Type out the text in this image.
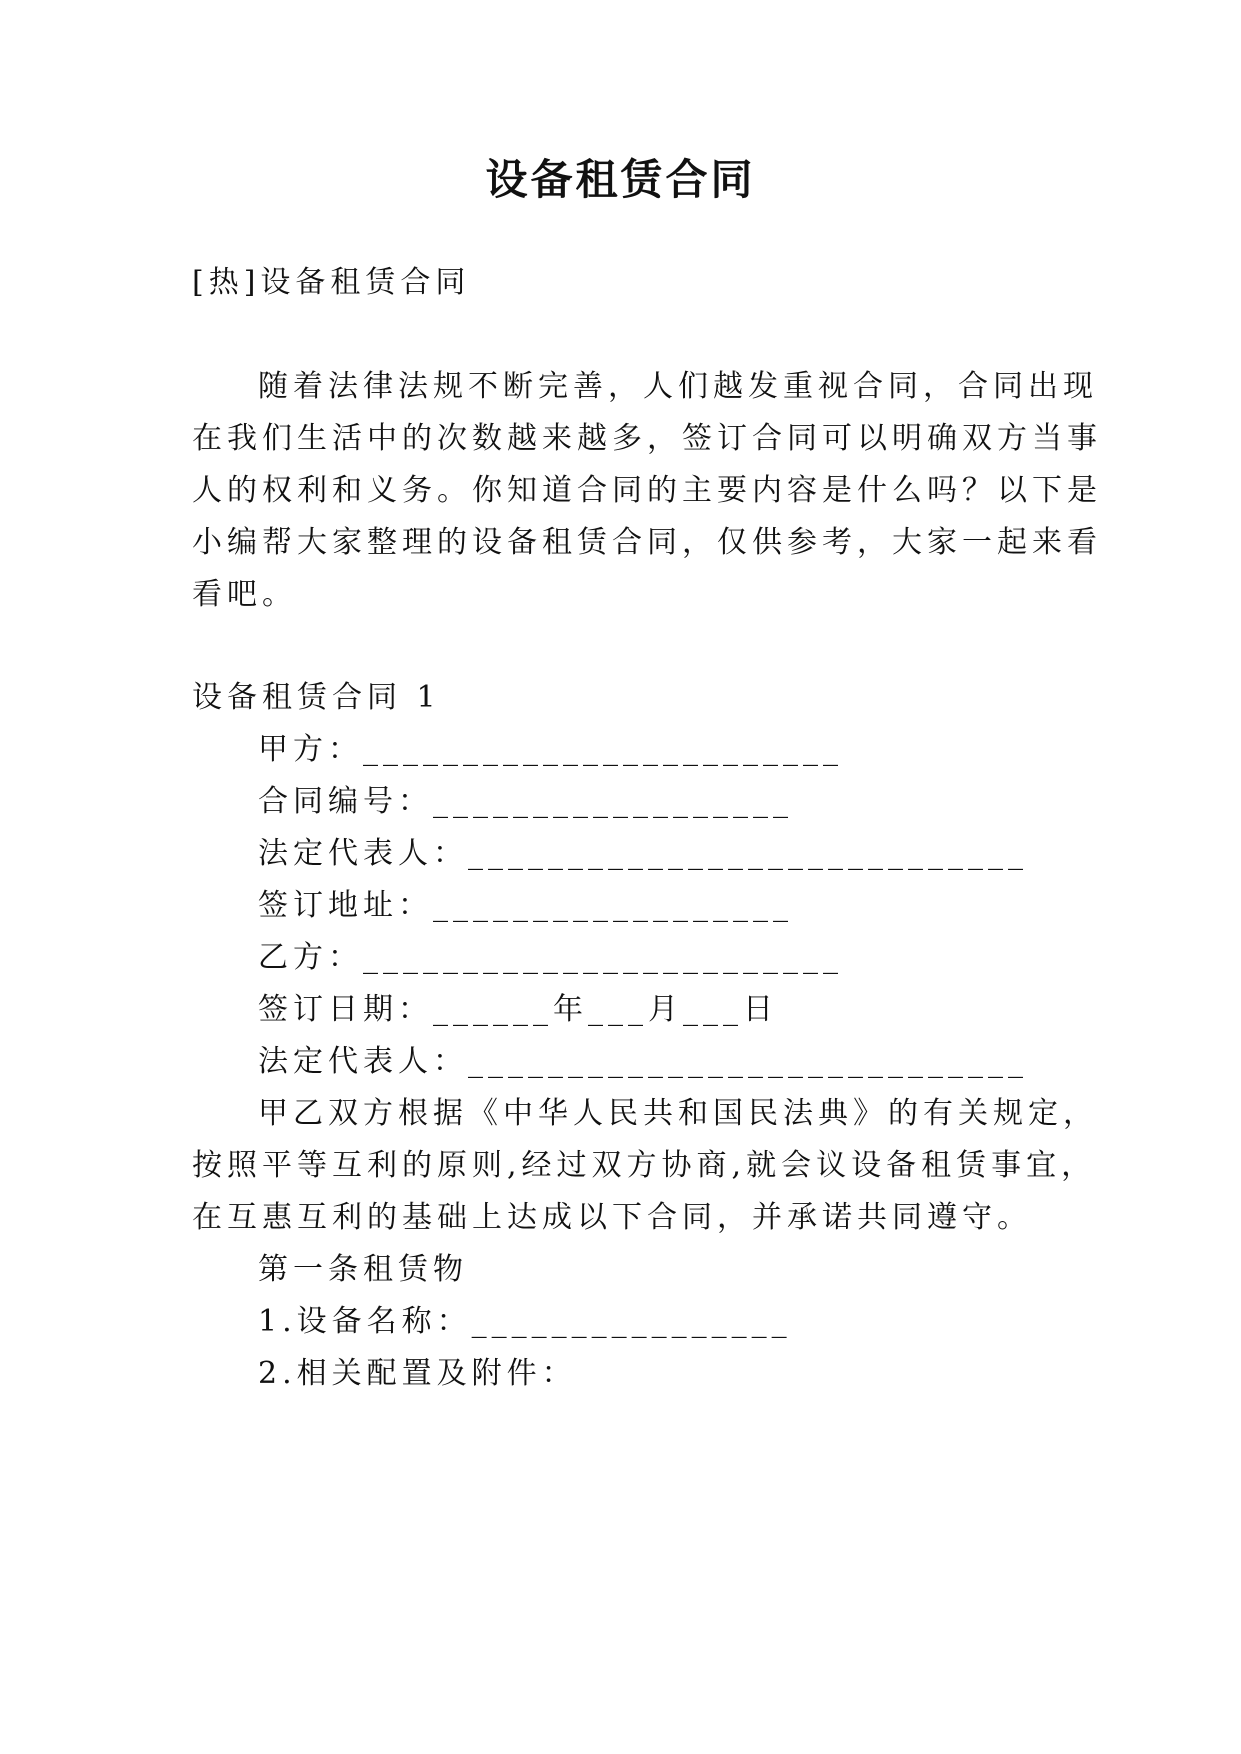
设备租赁合同
[热]设备租赁合同
随着法律法规不断完善，人们越发重视合同，合同出现
在我们生活中的次数越来越多，签订合同可以明确双方当事
人的权利和义务。你知道合同的主要内容是什么吗？以下是
小编帮大家整理的设备租赁合同，仅供参考，大家一起来看
看吧。
设备租赁合同 1
甲方：________________________
合同编号：__________________
法定代表人：____________________________
签订地址：__________________
乙方：________________________
签订日期：______年___月___日
法定代表人：____________________________
甲乙双方根据《中华人民共和国民法典》的有关规定，
按照平等互利的原则,经过双方协商,就会议设备租赁事宜，
在互惠互利的基础上达成以下合同，并承诺共同遵守。
第一条租赁物
1.设备名称：________________
2.相关配置及附件：
